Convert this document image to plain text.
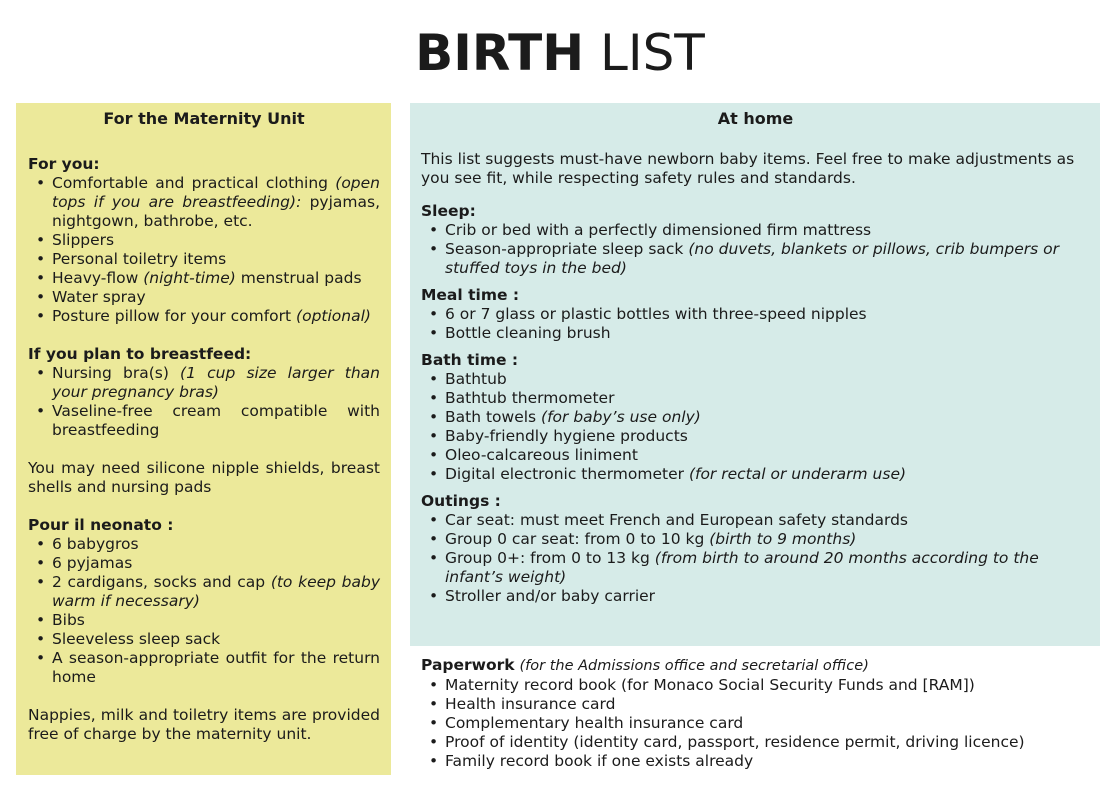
BIRTH LIST
For the Maternity Unit
For you:
• Comfortable and practical clothing (open tops if you are breastfeeding): pyjamas, nightgown, bathrobe, etc.
• Slippers
• Personal toiletry items
• Heavy-flow (night-time) menstrual pads
• Water spray
• Posture pillow for your comfort (optional)
If you plan to breastfeed:
• Nursing bra(s) (1 cup size larger than your pregnancy bras)
• Vaseline-free cream compatible with breastfeeding

You may need silicone nipple shields, breast shells and nursing pads

Pour il neonato :
• 6 babygros
• 6 pyjamas
• 2 cardigans, socks and cap (to keep baby warm if necessary)
• Bibs
• Sleeveless sleep sack
• A season-appropriate outfit for the return home

Nappies, milk and toiletry items are provided free of charge by the maternity unit.

At home

This list suggests must-have newborn baby items. Feel free to make adjustments as you see fit, while respecting safety rules and standards.

Sleep:
• Crib or bed with a perfectly dimensioned firm mattress
• Season-appropriate sleep sack (no duvets, blankets or pillows, crib bumpers or stuffed toys in the bed)
Meal time :
• 6 or 7 glass or plastic bottles with three-speed nipples
• Bottle cleaning brush
Bath time :
• Bathtub
• Bathtub thermometer
• Bath towels (for baby’s use only)
• Baby-friendly hygiene products
• Oleo-calcareous liniment
• Digital electronic thermometer (for rectal or underarm use)
Outings :
• Car seat: must meet French and European safety standards
• Group 0 car seat: from 0 to 10 kg (birth to 9 months)
• Group 0+: from 0 to 13 kg (from birth to around 20 months according to the infant’s weight)
• Stroller and/or baby carrier
Paperwork (for the Admissions office and secretarial office)
• Maternity record book (for Monaco Social Security Funds and [RAM])
• Health insurance card
• Complementary health insurance card
• Proof of identity (identity card, passport, residence permit, driving licence)
• Family record book if one exists already
